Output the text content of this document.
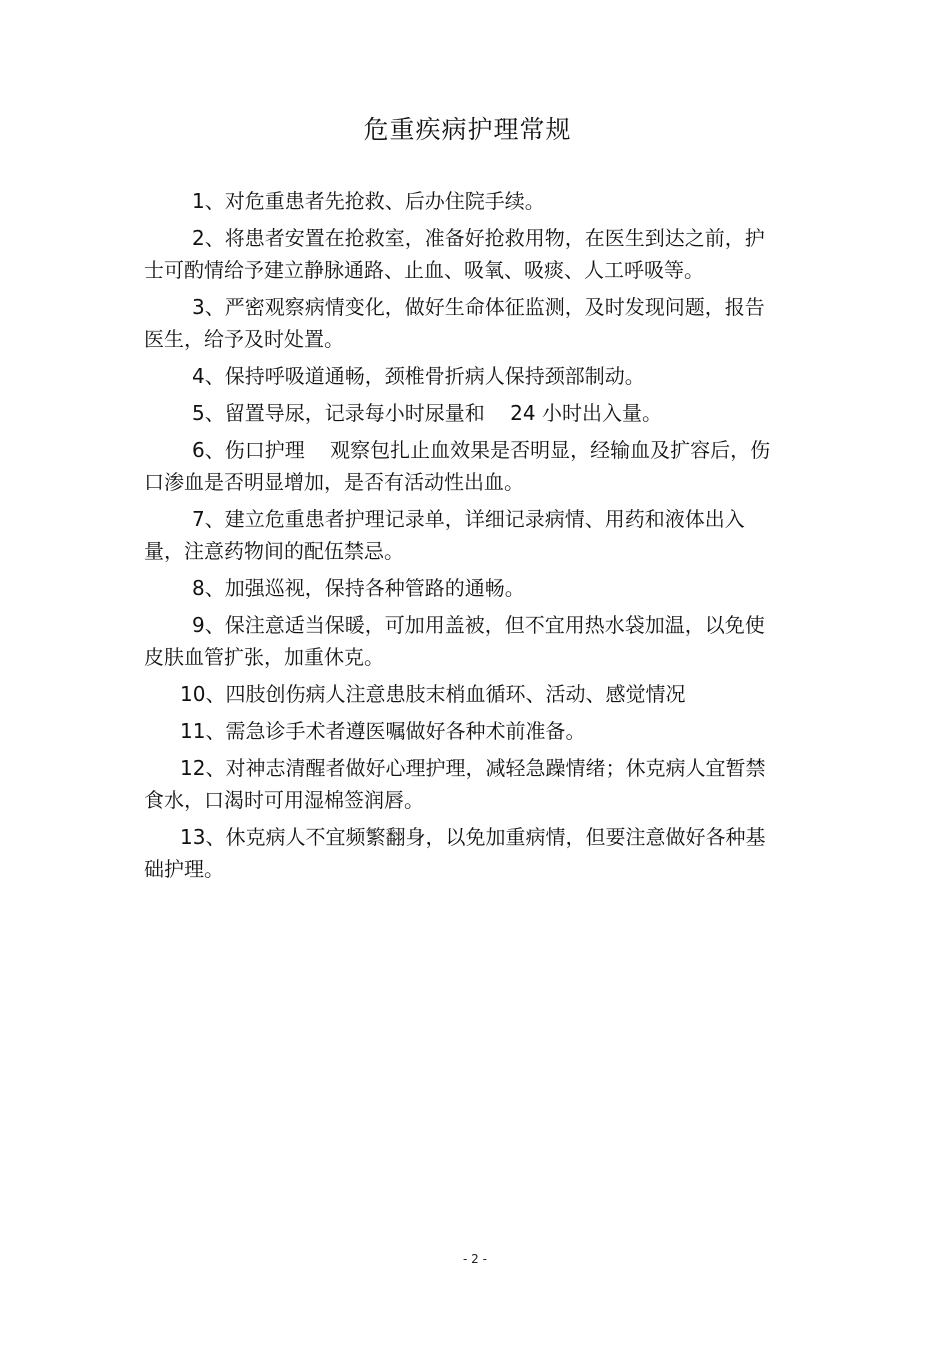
危重疾病护理常规

1、对危重患者先抢救、后办住院手续。

2、将患者安置在抢救室，准备好抢救用物，在医生到达之前，护士可酌情给予建立静脉通路、止血、吸氧、吸痰、人工呼吸等。

3、严密观察病情变化，做好生命体征监测，及时发现问题，报告医生，给予及时处置。

4、保持呼吸道通畅，颈椎骨折病人保持颈部制动。

5、留置导尿，记录每小时尿量和    24 小时出入量。

6、伤口护理    观察包扎止血效果是否明显，经输血及扩容后，伤口渗血是否明显增加，是否有活动性出血。

7、建立危重患者护理记录单，详细记录病情、用药和液体出入量，注意药物间的配伍禁忌。

8、加强巡视，保持各种管路的通畅。

9、保注意适当保暖，可加用盖被，但不宜用热水袋加温，以免使皮肤血管扩张，加重休克。

10、四肢创伤病人注意患肢末梢血循环、活动、感觉情况

11、需急诊手术者遵医嘱做好各种术前准备。

12、对神志清醒者做好心理护理，减轻急躁情绪；休克病人宜暂禁食水，口渴时可用湿棉签润唇。

13、休克病人不宜频繁翻身，以免加重病情，但要注意做好各种基础护理。

- 2 -
